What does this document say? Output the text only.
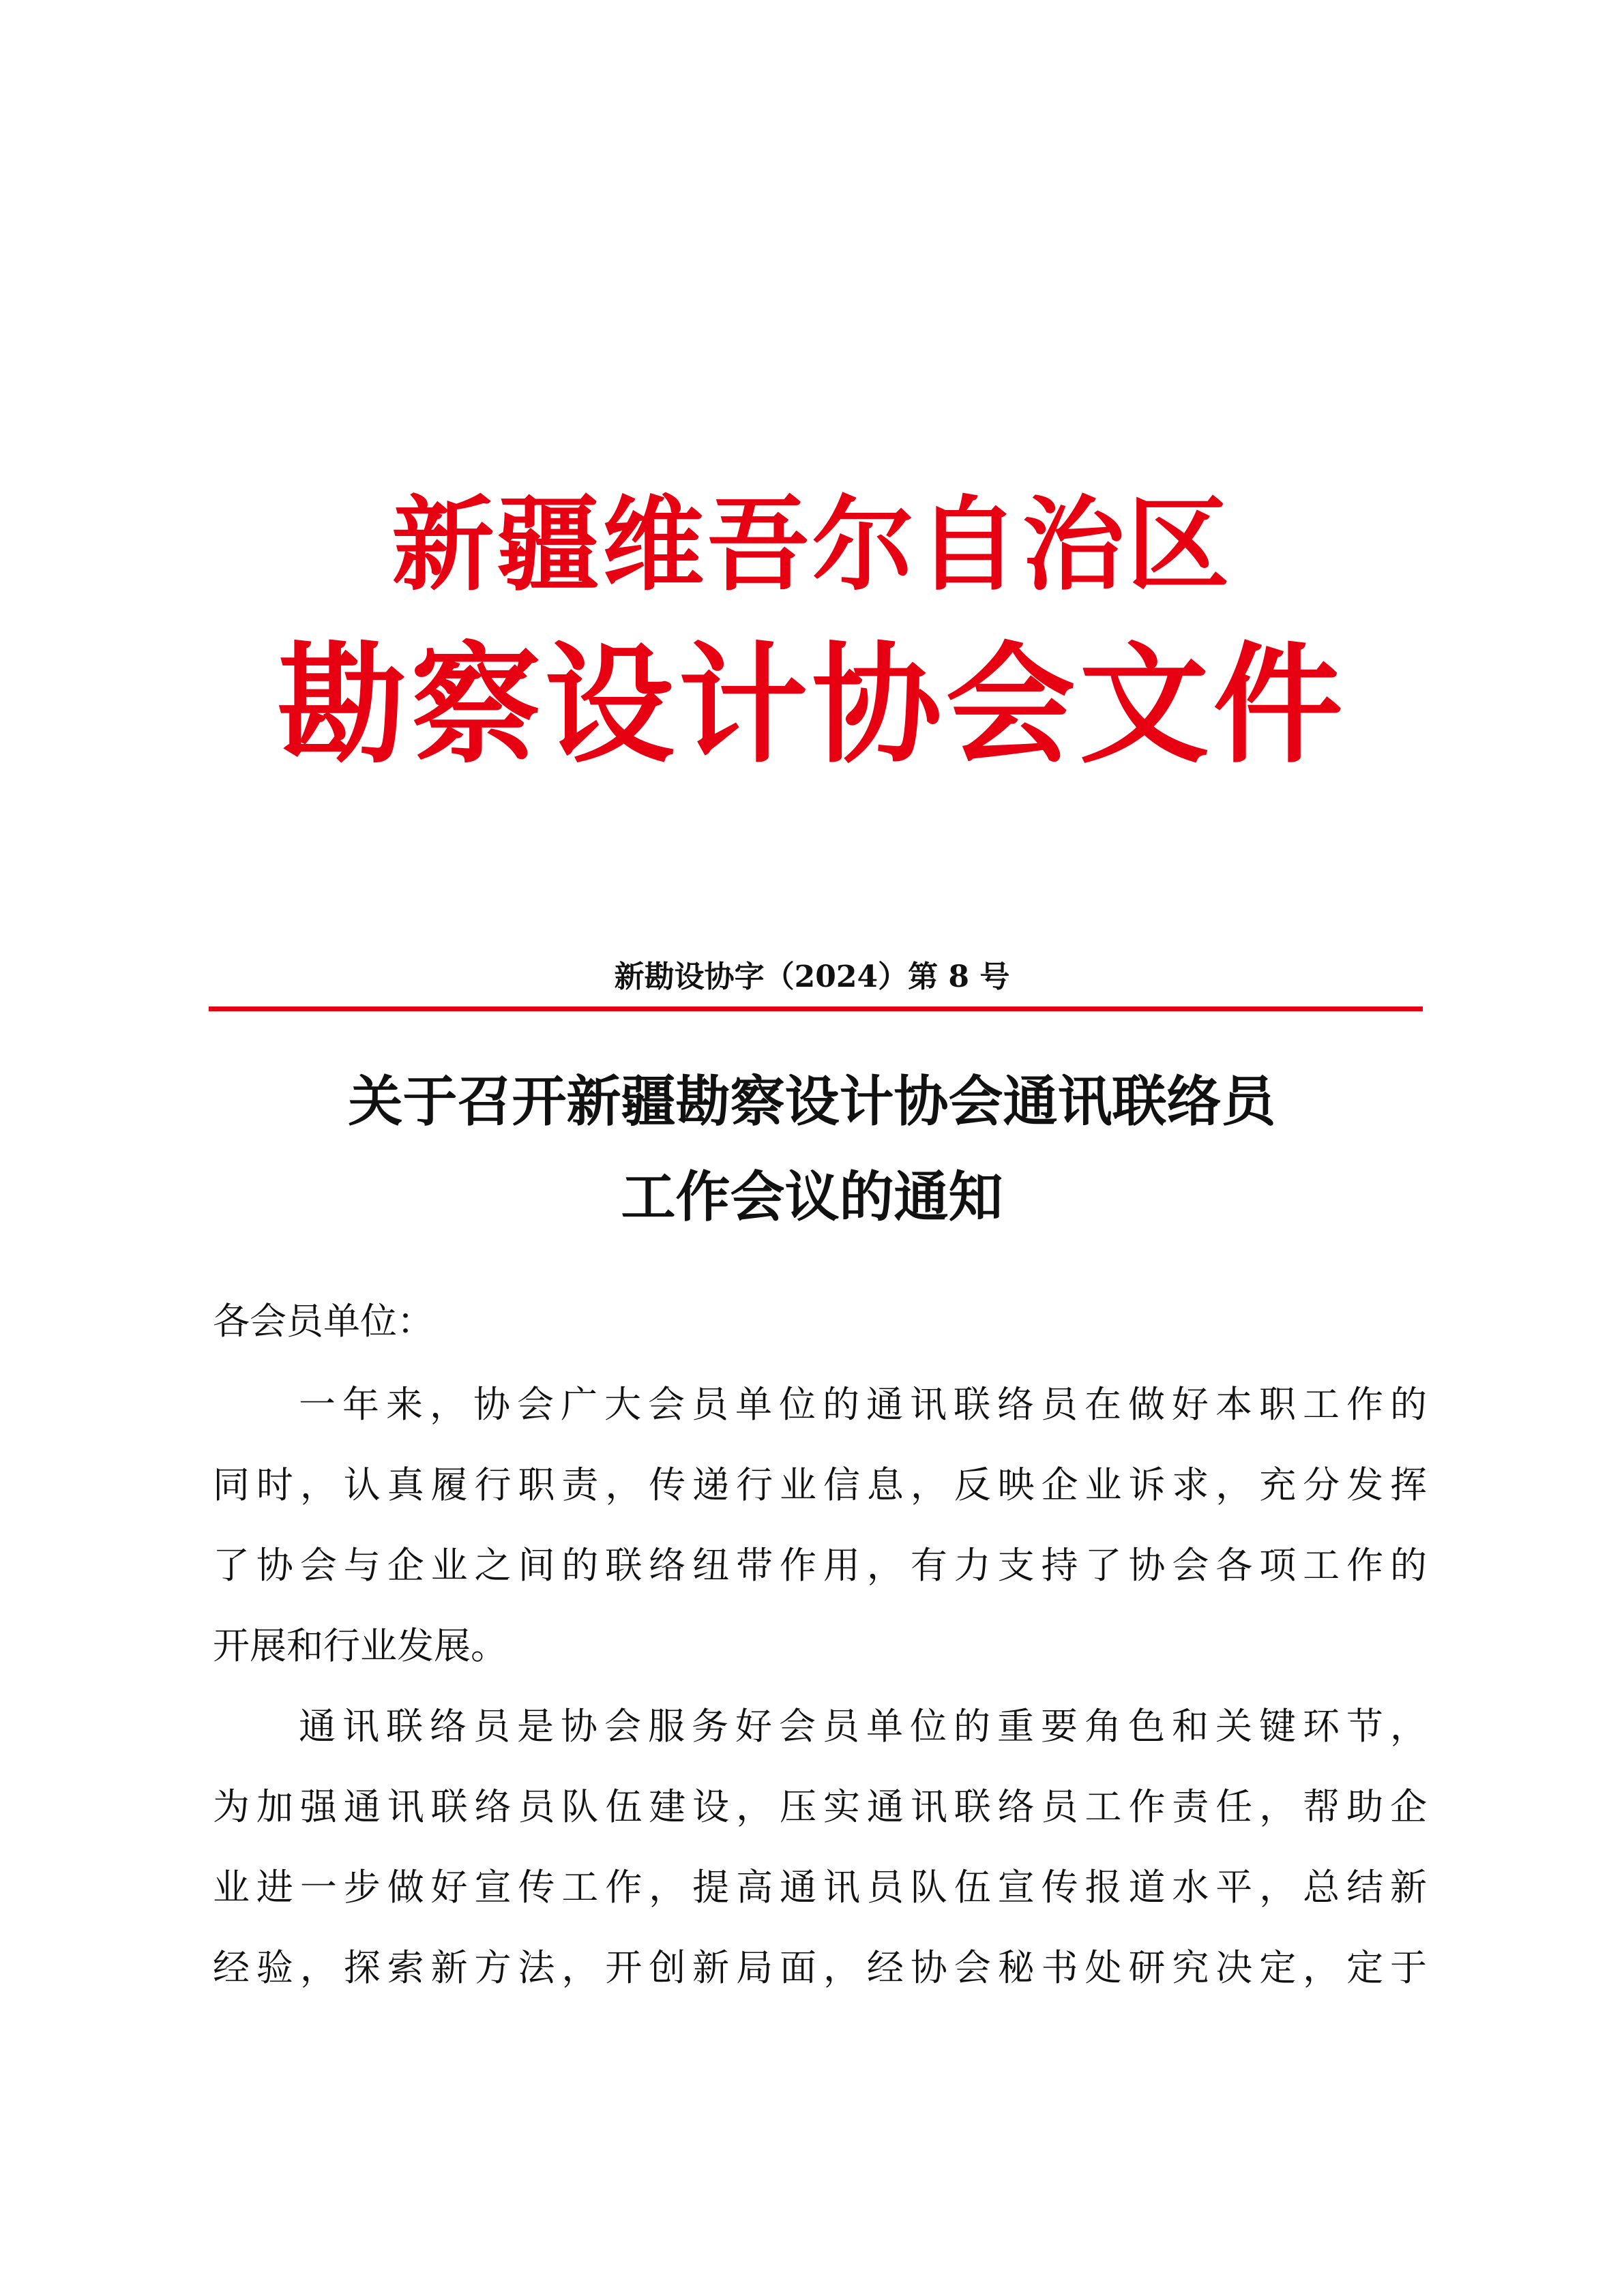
新疆维吾尔自治区
勘察设计协会文件
新勘设协字（2024）第 8 号
关于召开新疆勘察设计协会通讯联络员
工作会议的通知
各会员单位：
一年来，协会广大会员单位的通讯联络员在做好本职工作的
同时，认真履行职责，传递行业信息，反映企业诉求，充分发挥
了协会与企业之间的联络纽带作用，有力支持了协会各项工作的
开展和行业发展。
通讯联络员是协会服务好会员单位的重要角色和关键环节，
为加强通讯联络员队伍建设，压实通讯联络员工作责任，帮助企
业进一步做好宣传工作，提高通讯员队伍宣传报道水平，总结新
经验，探索新方法，开创新局面，经协会秘书处研究决定，定于
